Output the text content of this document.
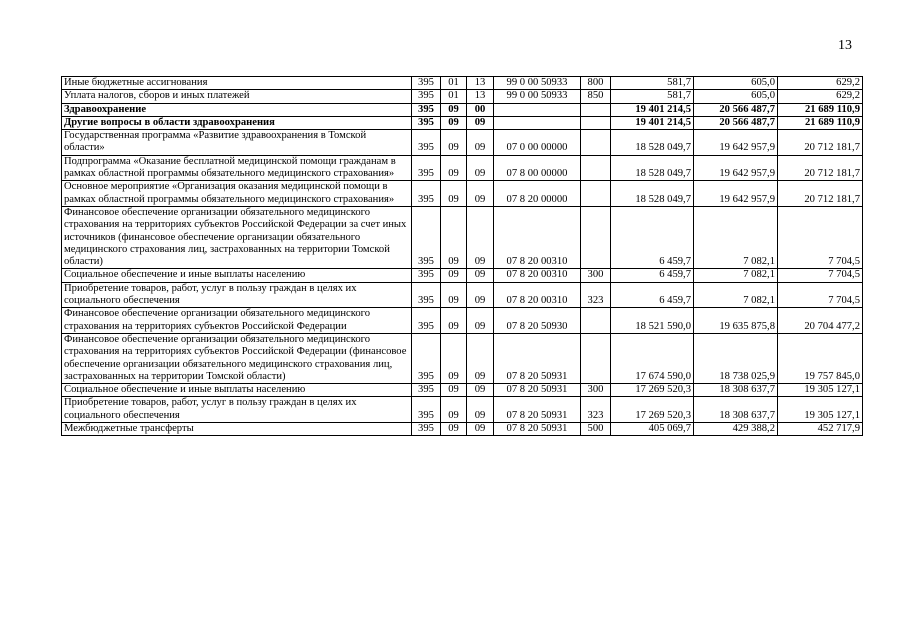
13
Иные бюджетные ассигнования	395	01	13	99 0 00 50933	800	581,7	605,0	629,2
Уплата налогов, сборов и иных платежей	395	01	13	99 0 00 50933	850	581,7	605,0	629,2
Здравоохранение	395	09	00			19 401 214,5	20 566 487,7	21 689 110,9
Другие вопросы в области здравоохранения	395	09	09			19 401 214,5	20 566 487,7	21 689 110,9
Государственная программа «Развитие здравоохранения в Томской области»	395	09	09	07 0 00 00000		18 528 049,7	19 642 957,9	20 712 181,7
Подпрограмма «Оказание бесплатной медицинской помощи гражданам в рамках областной программы обязательного медицинского страхования»	395	09	09	07 8 00 00000		18 528 049,7	19 642 957,9	20 712 181,7
Основное мероприятие «Организация оказания медицинской помощи в рамках областной программы обязательного медицинского страхования»	395	09	09	07 8 20 00000		18 528 049,7	19 642 957,9	20 712 181,7
Финансовое обеспечение организации обязательного медицинского страхования на территориях субъектов Российской Федерации за счет иных источников (финансовое обеспечение организации обязательного медицинского страхования лиц, застрахованных на территории Томской области)	395	09	09	07 8 20 00310		6 459,7	7 082,1	7 704,5
Социальное обеспечение и иные выплаты населению	395	09	09	07 8 20 00310	300	6 459,7	7 082,1	7 704,5
Приобретение товаров, работ, услуг в пользу граждан в целях их социального обеспечения	395	09	09	07 8 20 00310	323	6 459,7	7 082,1	7 704,5
Финансовое обеспечение организации обязательного медицинского страхования на территориях субъектов Российской Федерации	395	09	09	07 8 20 50930		18 521 590,0	19 635 875,8	20 704 477,2
Финансовое обеспечение организации обязательного медицинского страхования на территориях субъектов Российской Федерации (финансовое обеспечение организации обязательного медицинского страхования лиц, застрахованных на территории Томской области)	395	09	09	07 8 20 50931		17 674 590,0	18 738 025,9	19 757 845,0
Социальное обеспечение и иные выплаты населению	395	09	09	07 8 20 50931	300	17 269 520,3	18 308 637,7	19 305 127,1
Приобретение товаров, работ, услуг в пользу граждан в целях их социального обеспечения	395	09	09	07 8 20 50931	323	17 269 520,3	18 308 637,7	19 305 127,1
Межбюджетные трансферты	395	09	09	07 8 20 50931	500	405 069,7	429 388,2	452 717,9
